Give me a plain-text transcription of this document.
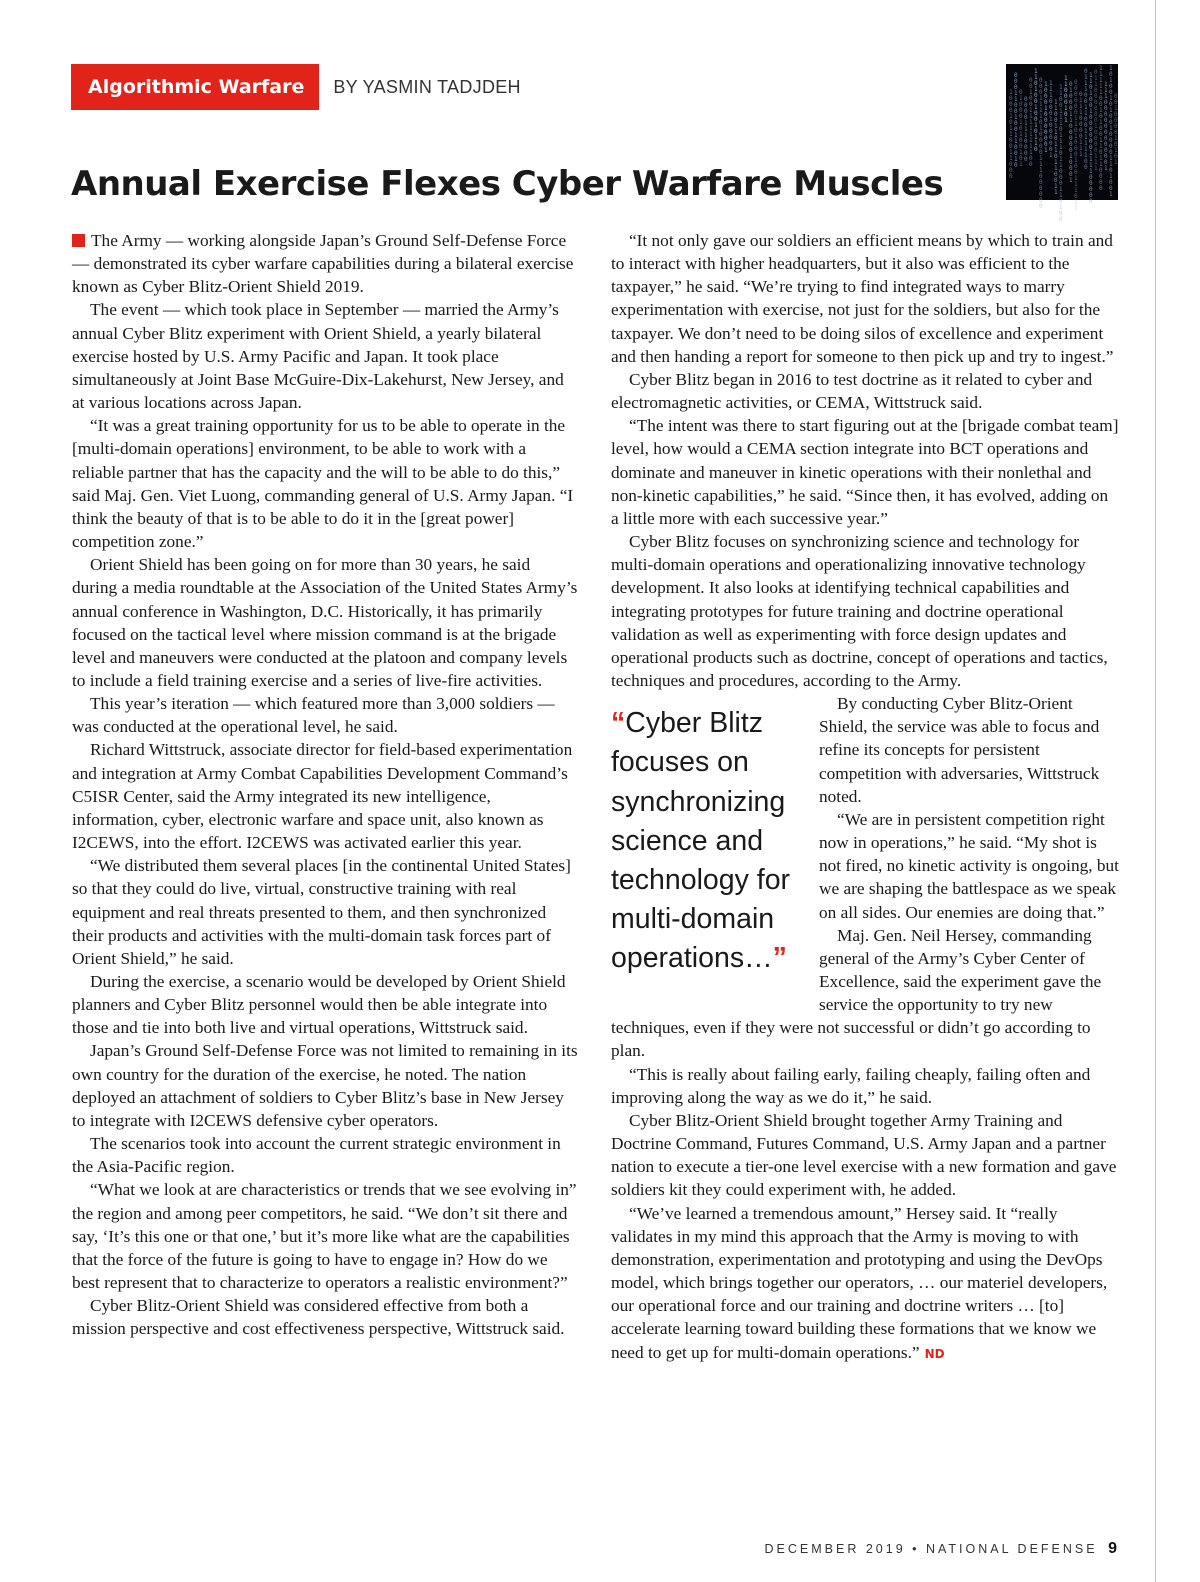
Algorithmic Warfare	BY YASMIN TADJDEH	100010110011000
0001100100110010
0100010100101
00001110000
001001111111100
11010010010110
0001111010000111000000
100010000001
1110001000001
1100110110110011
11001110111011000110100
11000101
01000110000010001
0000001101000100111011
01110000111
01110011001111100
1101001000000111100000
01100000010000111
111110010100110110000
111000000000001
1010010100100001101001
001000010101
Annual Exercise Flexes Cyber Warfare Muscles

The Army — working alongside Japan’s Ground Self-Defense Force — demonstrated its cyber warfare capabilities during a bilateral exercise known as Cyber Blitz-Orient Shield 2019.

The event — which took place in September — married the Army’s annual Cyber Blitz experiment with Orient Shield, a yearly bilateral exercise hosted by U.S. Army Pacific and Japan. It took place simultaneously at Joint Base McGuire-Dix-Lakehurst, New Jersey, and at various locations across Japan.

“It was a great training opportunity for us to be able to operate in the [multi-domain operations] environment, to be able to work with a reliable partner that has the capacity and the will to be able to do this,” said Maj. Gen. Viet Luong, commanding general of U.S. Army Japan. “I think the beauty of that is to be able to do it in the [great power] competition zone.”

Orient Shield has been going on for more than 30 years, he said during a media roundtable at the Association of the United States Army’s annual conference in Washington, D.C. Historically, it has primarily focused on the tactical level where mission command is at the brigade level and maneuvers were conducted at the platoon and company levels to include a field training exercise and a series of live-fire activities.

This year’s iteration — which featured more than 3,000 soldiers — was conducted at the operational level, he said.

Richard Wittstruck, associate director for field-based experimentation and integration at Army Combat Capabilities Development Command’s C5ISR Center, said the Army integrated its new intelligence, information, cyber, electronic warfare and space unit, also known as I2CEWS, into the effort. I2CEWS was activated earlier this year.

“We distributed them several places [in the continental United States] so that they could do live, virtual, constructive training with real equipment and real threats presented to them, and then synchronized their products and activities with the multi-domain task forces part of Orient Shield,” he said.

During the exercise, a scenario would be developed by Orient Shield planners and Cyber Blitz personnel would then be able integrate into those and tie into both live and virtual operations, Wittstruck said.

Japan’s Ground Self-Defense Force was not limited to remaining in its own country for the duration of the exercise, he noted. The nation deployed an attachment of soldiers to Cyber Blitz’s base in New Jersey to integrate with I2CEWS defensive cyber operators.

The scenarios took into account the current strategic environment in the Asia-Pacific region.

“What we look at are characteristics or trends that we see evolving in” the region and among peer competitors, he said. “We don’t sit there and say, ‘It’s this one or that one,’ but it’s more like what are the capabilities that the force of the future is going to have to engage in? How do we best represent that to characterize to operators a realistic environment?”

Cyber Blitz-Orient Shield was considered effective from both a mission perspective and cost effectiveness perspective, Wittstruck said.

“It not only gave our soldiers an efficient means by which to train and to interact with higher headquarters, but it also was efficient to the taxpayer,” he said. “We’re trying to find integrated ways to marry experimentation with exercise, not just for the soldiers, but also for the taxpayer. We don’t need to be doing silos of excellence and experiment and then handing a report for someone to then pick up and try to ingest.”

Cyber Blitz began in 2016 to test doctrine as it related to cyber and electromagnetic activities, or CEMA, Wittstruck said.

“The intent was there to start figuring out at the [brigade combat team] level, how would a CEMA section integrate into BCT operations and dominate and maneuver in kinetic operations with their nonlethal and non-kinetic capabilities,” he said. “Since then, it has evolved, adding on a little more with each successive year.”

Cyber Blitz focuses on synchronizing science and technology for multi-domain operations and operationalizing innovative technology development. It also looks at identifying technical capabilities and integrating prototypes for future training and doctrine operational validation as well as experimenting with force design updates and operational products such as doctrine, concept of operations and tactics, techniques and procedures, according to the Army.

“Cyber Blitz focuses on synchronizing science and technology for multi-domain operations…”

By conducting Cyber Blitz-Orient Shield, the service was able to focus and refine its concepts for persistent competition with adversaries, Wittstruck noted.

“We are in persistent competition right now in operations,” he said. “My shot is not fired, no kinetic activity is ongoing, but we are shaping the battlespace as we speak on all sides. Our enemies are doing that.”

Maj. Gen. Neil Hersey, commanding general of the Army’s Cyber Center of Excellence, said the experiment gave the service the opportunity to try new techniques, even if they were not successful or didn’t go according to plan.

“This is really about failing early, failing cheaply, failing often and improving along the way as we do it,” he said.

Cyber Blitz-Orient Shield brought together Army Training and Doctrine Command, Futures Command, U.S. Army Japan and a partner nation to execute a tier-one level exercise with a new formation and gave soldiers kit they could experiment with, he added.

“We’ve learned a tremendous amount,” Hersey said. It “really validates in my mind this approach that the Army is moving to with demonstration, experimentation and prototyping and using the DevOps model, which brings together our operators, … our materiel developers, our operational force and our training and doctrine writers … [to] accelerate learning toward building these formations that we know we need to get up for multi-domain operations.” ND

DECEMBER 2019 • NATIONAL DEFENSE 9
